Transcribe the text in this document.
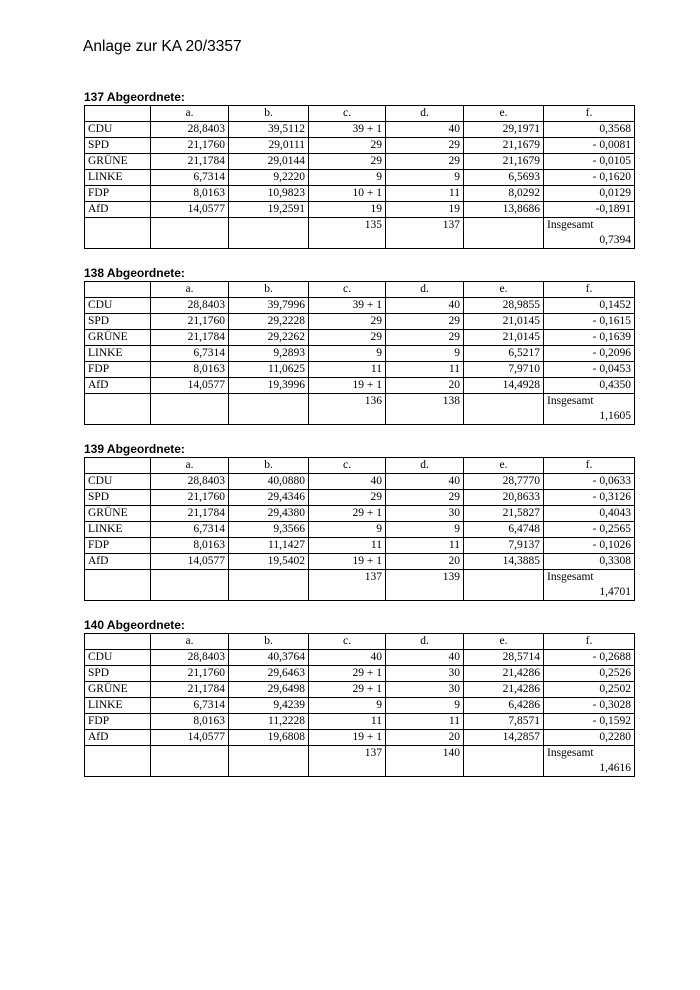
Anlage zur KA 20/3357
137 Abgeordnete:
	a.	b.	c.	d.	e.	f.
CDU	28,8403	39,5112	39 + 1	40	29,1971	0,3568
SPD	21,1760	29,0111	29	29	21,1679	- 0,0081
GRÜNE	21,1784	29,0144	29	29	21,1679	- 0,0105
LINKE	6,7314	9,2220	9	9	6,5693	- 0,1620
FDP	8,0163	10,9823	10 + 1	11	8,0292	0,0129
AfD	14,0577	19,2591	19	19	13,8686	-0,1891
			135	137		Insgesamt
0,7394
138 Abgeordnete:
	a.	b.	c.	d.	e.	f.
CDU	28,8403	39,7996	39 + 1	40	28,9855	0,1452
SPD	21,1760	29,2228	29	29	21,0145	- 0,1615
GRÜNE	21,1784	29,2262	29	29	21,0145	- 0,1639
LINKE	6,7314	9,2893	9	9	6,5217	- 0,2096
FDP	8,0163	11,0625	11	11	7,9710	- 0,0453
AfD	14,0577	19,3996	19 + 1	20	14,4928	0,4350
			136	138		Insgesamt
1,1605
139 Abgeordnete:
	a.	b.	c.	d.	e.	f.
CDU	28,8403	40,0880	40	40	28,7770	- 0,0633
SPD	21,1760	29,4346	29	29	20,8633	- 0,3126
GRÜNE	21,1784	29,4380	29 + 1	30	21,5827	0,4043
LINKE	6,7314	9,3566	9	9	6,4748	- 0,2565
FDP	8,0163	11,1427	11	11	7,9137	- 0,1026
AfD	14,0577	19,5402	19 + 1	20	14,3885	0,3308
			137	139		Insgesamt
1,4701
140 Abgeordnete:
	a.	b.	c.	d.	e.	f.
CDU	28,8403	40,3764	40	40	28,5714	- 0,2688
SPD	21,1760	29,6463	29 + 1	30	21,4286	0,2526
GRÜNE	21,1784	29,6498	29 + 1	30	21,4286	0,2502
LINKE	6,7314	9,4239	9	9	6,4286	- 0,3028
FDP	8,0163	11,2228	11	11	7,8571	- 0,1592
AfD	14,0577	19,6808	19 + 1	20	14,2857	0,2280
			137	140		Insgesamt
1,4616
